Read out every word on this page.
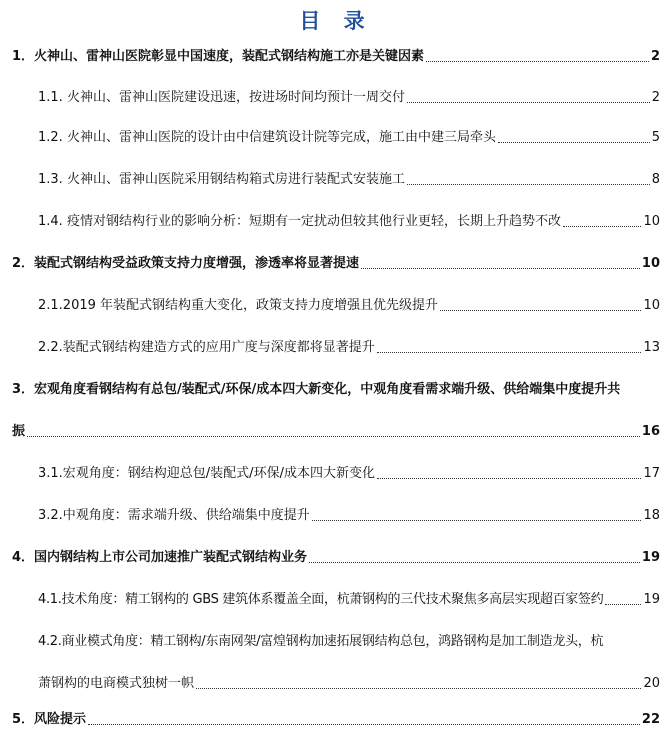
目 录
1．火神山、雷神山医院彰显中国速度，装配式钢结构施工亦是关键因素	2
1.1. 火神山、雷神山医院建设迅速，按进场时间均预计一周交付	2
1.2. 火神山、雷神山医院的设计由中信建筑设计院等完成，施工由中建三局牵头	5
1.3. 火神山、雷神山医院采用钢结构箱式房进行装配式安装施工	8
1.4. 疫情对钢结构行业的影响分析：短期有一定扰动但较其他行业更轻，长期上升趋势不改	10
2．装配式钢结构受益政策支持力度增强，渗透率将显著提速	10
2.1.2019 年装配式钢结构重大变化，政策支持力度增强且优先级提升	10
2.2.装配式钢结构建造方式的应用广度与深度都将显著提升	13
3．宏观角度看钢结构有总包/装配式/环保/成本四大新变化，中观角度看需求端升级、供给端集中度提升共
振	16
3.1.宏观角度：钢结构迎总包/装配式/环保/成本四大新变化	17
3.2.中观角度：需求端升级、供给端集中度提升	18
4．国内钢结构上市公司加速推广装配式钢结构业务	19
4.1.技术角度：精工钢构的 GBS 建筑体系覆盖全面，杭萧钢构的三代技术聚焦多高层实现超百家签约	19
4.2.商业模式角度：精工钢构/东南网架/富煌钢构加速拓展钢结构总包，鸿路钢构是加工制造龙头，杭
萧钢构的电商模式独树一帜	20
5．风险提示	22
